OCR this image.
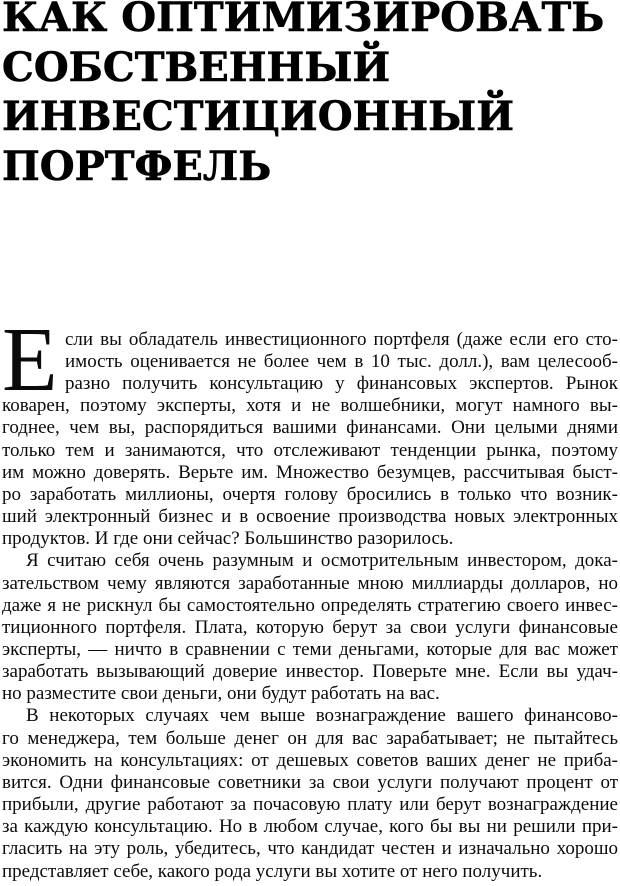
КАК ОПТИМИЗИРОВАТЬ
СОБСТВЕННЫЙ
ИНВЕСТИЦИОННЫЙ
ПОРТФЕЛЬ
Е сли вы обладатель инвестиционного портфеля (даже если его сто-
имость оценивается не более чем в 10 тыс. долл.), вам целесооб-
разно получить консультацию у финансовых экспертов. Рынок
коварен, поэтому эксперты, хотя и не волшебники, могут намного вы-
годнее, чем вы, распорядиться вашими финансами. Они целыми днями
только тем и занимаются, что отслеживают тенденции рынка, поэтому
им можно доверять. Верьте им. Множество безумцев, рассчитывая быст-
ро заработать миллионы, очертя голову бросились в только что возник-
ший электронный бизнес и в освоение производства новых электронных
продуктов. И где они сейчас? Большинство разорилось.
Я считаю себя очень разумным и осмотрительным инвестором, дока-
зательством чему являются заработанные мною миллиарды долларов, но
даже я не рискнул бы самостоятельно определять стратегию своего инвес-
тиционного портфеля. Плата, которую берут за свои услуги финансовые
эксперты, — ничто в сравнении с теми деньгами, которые для вас может
заработать вызывающий доверие инвестор. Поверьте мне. Если вы удач-
но разместите свои деньги, они будут работать на вас.
В некоторых случаях чем выше вознаграждение вашего финансово-
го менеджера, тем больше денег он для вас зарабатывает; не пытайтесь
экономить на консультациях: от дешевых советов ваших денег не приба-
вится. Одни финансовые советники за свои услуги получают процент от
прибыли, другие работают за почасовую плату или берут вознаграждение
за каждую консультацию. Но в любом случае, кого бы вы ни решили при-
гласить на эту роль, убедитесь, что кандидат честен и изначально хорошо
представляет себе, какого рода услуги вы хотите от него получить.
